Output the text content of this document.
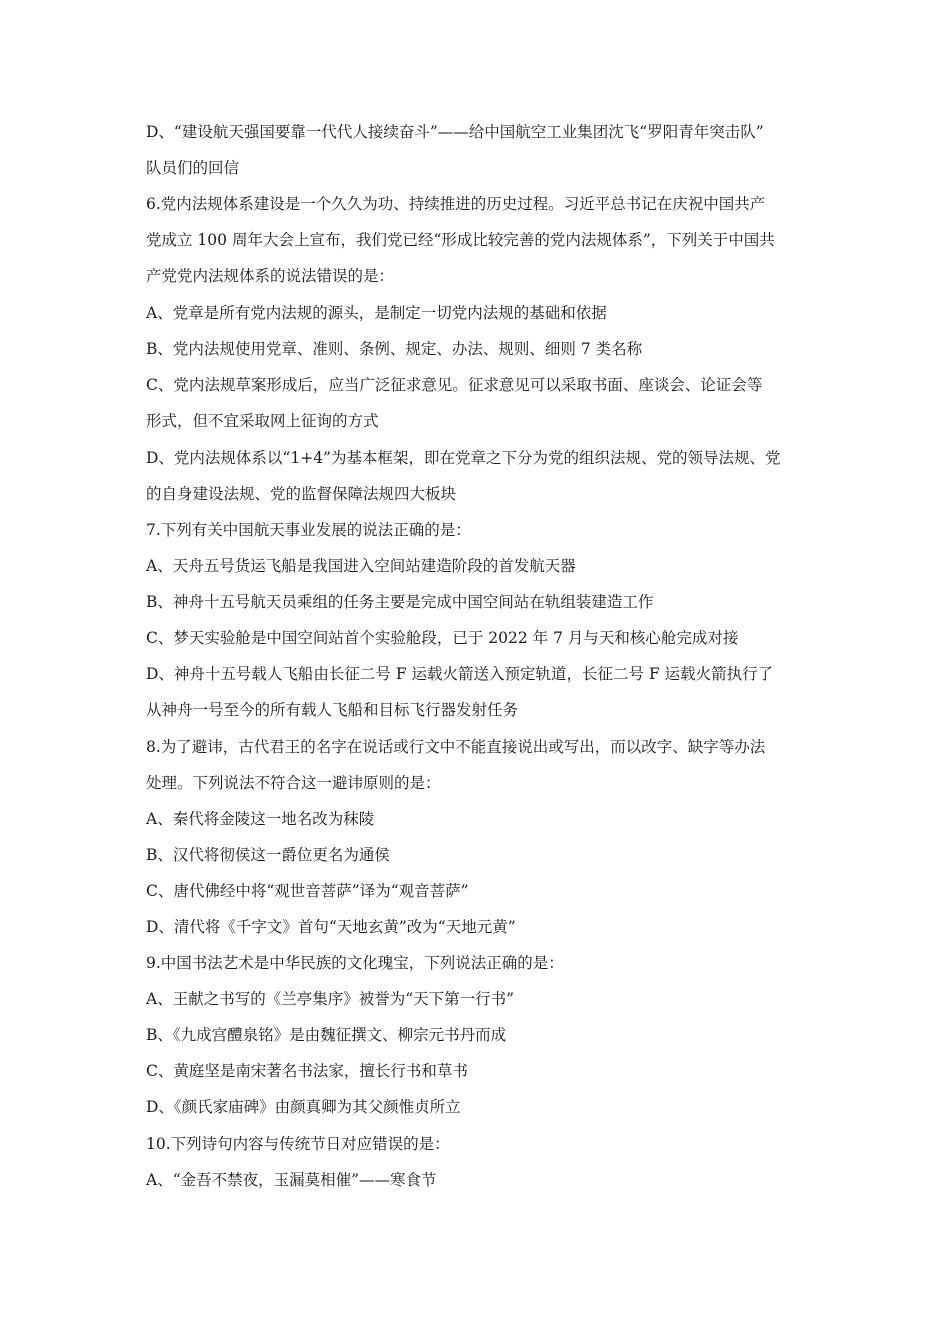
D、“建设航天强国要靠一代代人接续奋斗”——给中国航空工业集团沈飞“罗阳青年突击队”
队员们的回信
6.党内法规体系建设是一个久久为功、持续推进的历史过程。习近平总书记在庆祝中国共产
党成立 100 周年大会上宣布，我们党已经“形成比较完善的党内法规体系”，下列关于中国共
产党党内法规体系的说法错误的是：
A、党章是所有党内法规的源头，是制定一切党内法规的基础和依据
B、党内法规使用党章、准则、条例、规定、办法、规则、细则 7 类名称
C、党内法规草案形成后，应当广泛征求意见。征求意见可以采取书面、座谈会、论证会等
形式，但不宜采取网上征询的方式
D、党内法规体系以“1+4”为基本框架，即在党章之下分为党的组织法规、党的领导法规、党
的自身建设法规、党的监督保障法规四大板块
7.下列有关中国航天事业发展的说法正确的是：
A、天舟五号货运飞船是我国进入空间站建造阶段的首发航天器
B、神舟十五号航天员乘组的任务主要是完成中国空间站在轨组装建造工作
C、梦天实验舱是中国空间站首个实验舱段，已于 2022 年 7 月与天和核心舱完成对接
D、神舟十五号载人飞船由长征二号 F 运载火箭送入预定轨道，长征二号 F 运载火箭执行了
从神舟一号至今的所有载人飞船和目标飞行器发射任务
8.为了避讳，古代君王的名字在说话或行文中不能直接说出或写出，而以改字、缺字等办法
处理。下列说法不符合这一避讳原则的是：
A、秦代将金陵这一地名改为秣陵
B、汉代将彻侯这一爵位更名为通侯
C、唐代佛经中将“观世音菩萨”译为“观音菩萨”
D、清代将《千字文》首句“天地玄黄”改为“天地元黄”
9.中国书法艺术是中华民族的文化瑰宝，下列说法正确的是：
A、王献之书写的《兰亭集序》被誉为“天下第一行书”
B、《九成宫醴泉铭》是由魏征撰文、柳宗元书丹而成
C、黄庭坚是南宋著名书法家，擅长行书和草书
D、《颜氏家庙碑》由颜真卿为其父颜惟贞所立
10.下列诗句内容与传统节日对应错误的是：
A、“金吾不禁夜，玉漏莫相催”——寒食节
